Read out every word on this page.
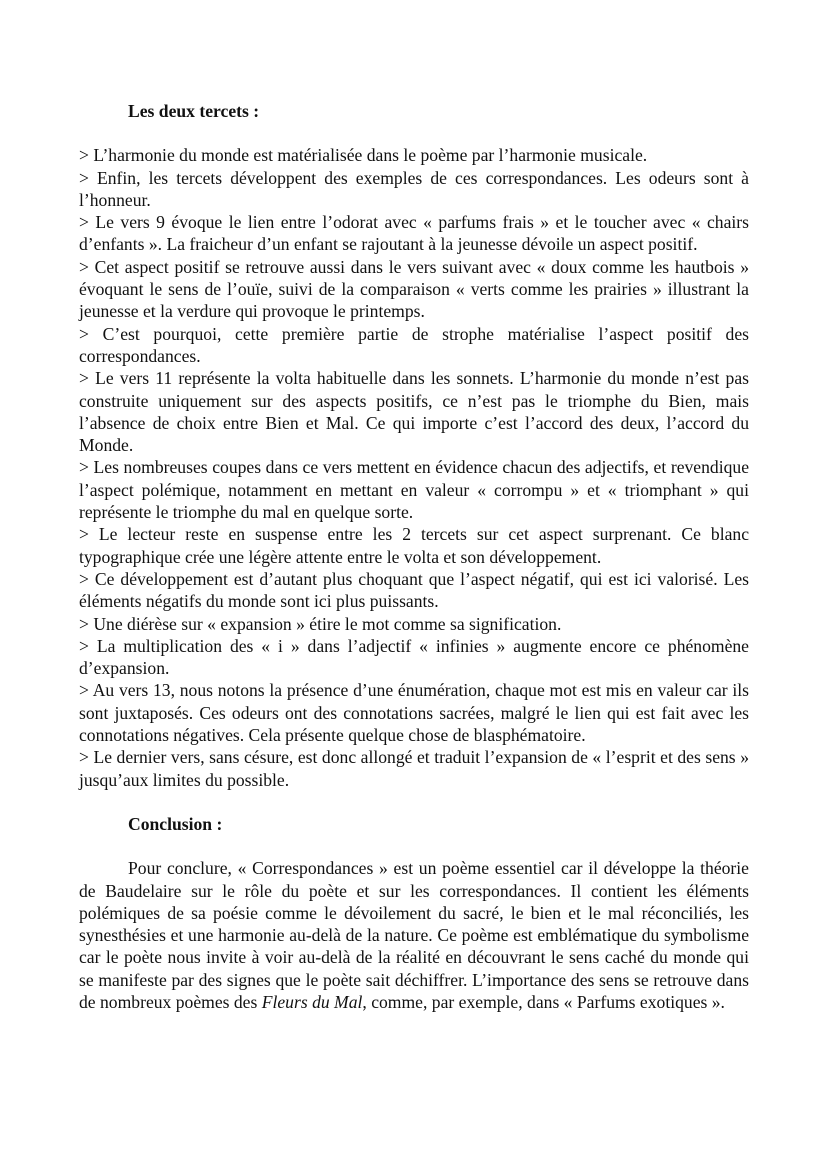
Les deux tercets :

> L’harmonie du monde est matérialisée dans le poème par l’harmonie musicale.

> Enfin, les tercets développent des exemples de ces correspondances. Les odeurs sont à l’honneur.

> Le vers 9 évoque le lien entre l’odorat avec « parfums frais » et le toucher avec « chairs d’enfants ». La fraicheur d’un enfant se rajoutant à la jeunesse dévoile un aspect positif.

> Cet aspect positif se retrouve aussi dans le vers suivant avec « doux comme les hautbois » évoquant le sens de l’ouïe, suivi de la comparaison « verts comme les prairies » illustrant la jeunesse et la verdure qui provoque le printemps.

> C’est pourquoi, cette première partie de strophe matérialise l’aspect positif des correspondances.

> Le vers 11 représente la volta habituelle dans les sonnets. L’harmonie du monde n’est pas construite uniquement sur des aspects positifs, ce n’est pas le triomphe du Bien, mais l’absence de choix entre Bien et Mal. Ce qui importe c’est l’accord des deux, l’accord du Monde.

> Les nombreuses coupes dans ce vers mettent en évidence chacun des adjectifs, et revendique l’aspect polémique, notamment en mettant en valeur « corrompu » et « triomphant » qui représente le triomphe du mal en quelque sorte.

> Le lecteur reste en suspense entre les 2 tercets sur cet aspect surprenant. Ce blanc typographique crée une légère attente entre le volta et son développement.

> Ce développement est d’autant plus choquant que l’aspect négatif, qui est ici valorisé. Les éléments négatifs du monde sont ici plus puissants.

> Une diérèse sur « expansion » étire le mot comme sa signification.

> La multiplication des « i » dans l’adjectif « infinies » augmente encore ce phénomène d’expansion.

> Au vers 13, nous notons la présence d’une énumération, chaque mot est mis en valeur car ils sont juxtaposés. Ces odeurs ont des connotations sacrées, malgré le lien qui est fait avec les connotations négatives. Cela présente quelque chose de blasphématoire.

> Le dernier vers, sans césure, est donc allongé et traduit l’expansion de « l’esprit et des sens » jusqu’aux limites du possible.

Conclusion :

Pour conclure, « Correspondances » est un poème essentiel car il développe la théorie de Baudelaire sur le rôle du poète et sur les correspondances. Il contient les éléments polémiques de sa poésie comme le dévoilement du sacré, le bien et le mal réconciliés, les synesthésies et une harmonie au-delà de la nature. Ce poème est emblématique du symbolisme car le poète nous invite à voir au-delà de la réalité en découvrant le sens caché du monde qui se manifeste par des signes que le poète sait déchiffrer. L’importance des sens se retrouve dans de nombreux poèmes des Fleurs du Mal, comme, par exemple, dans « Parfums exotiques ».
